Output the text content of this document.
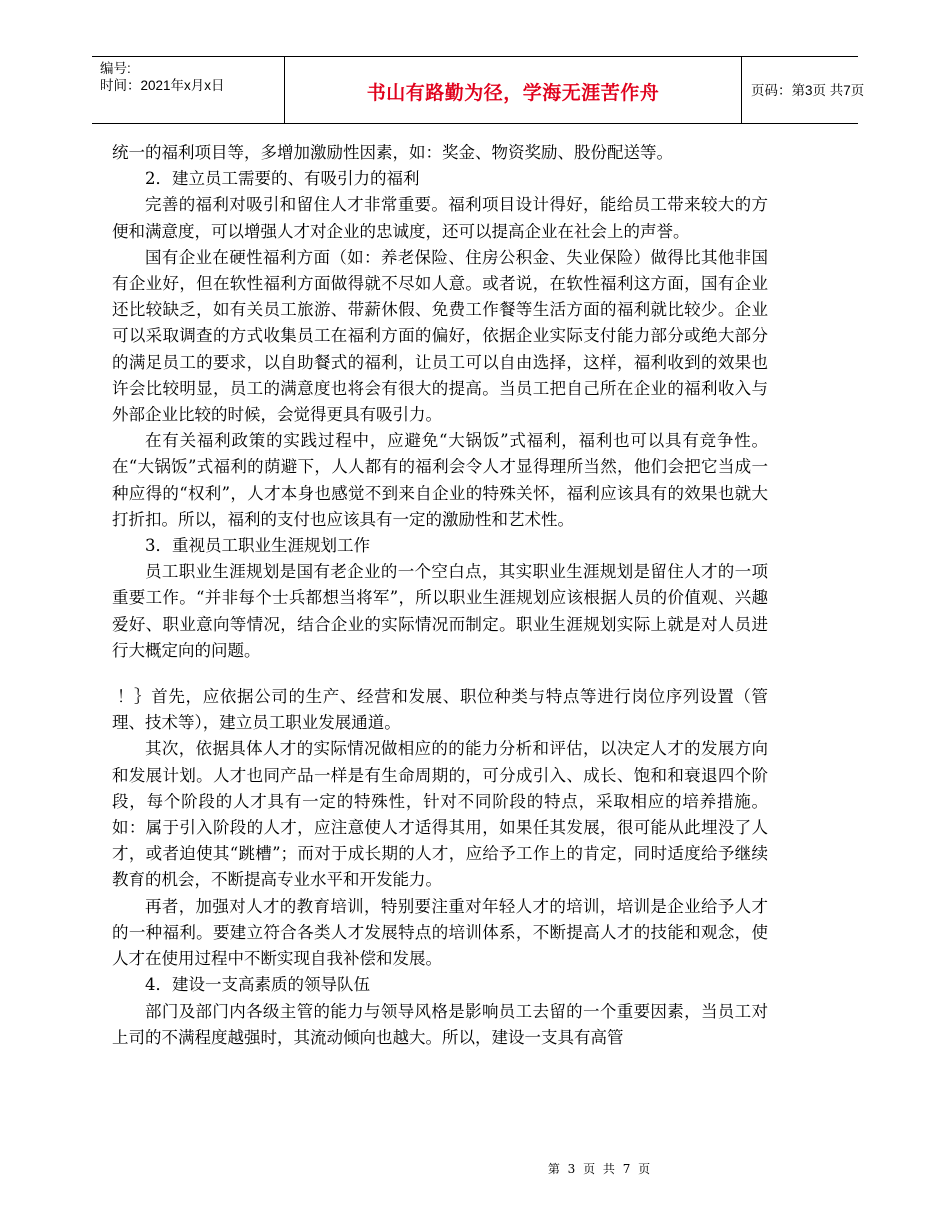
编号:
时间：2021年x月x日	书山有路勤为径，学海无涯苦作舟	页码：第3页 共7页

统一的福利项目等，多增加激励性因素，如：奖金、物资奖励、股份配送等。

2．建立员工需要的、有吸引力的福利

完善的福利对吸引和留住人才非常重要。福利项目设计得好，能给员工带来较大的方便和满意度，可以增强人才对企业的忠诚度，还可以提高企业在社会上的声誉。

国有企业在硬性福利方面（如：养老保险、住房公积金、失业保险）做得比其他非国有企业好，但在软性福利方面做得就不尽如人意。或者说，在软性福利这方面，国有企业还比较缺乏，如有关员工旅游、带薪休假、免费工作餐等生活方面的福利就比较少。企业可以采取调查的方式收集员工在福利方面的偏好，依据企业实际支付能力部分或绝大部分的满足员工的要求，以自助餐式的福利，让员工可以自由选择，这样，福利收到的效果也许会比较明显，员工的满意度也将会有很大的提高。当员工把自己所在企业的福利收入与外部企业比较的时候，会觉得更具有吸引力。

在有关福利政策的实践过程中，应避免“大锅饭”式福利，福利也可以具有竞争性。在“大锅饭”式福利的荫避下，人人都有的福利会令人才显得理所当然，他们会把它当成一种应得的“权利”，人才本身也感觉不到来自企业的特殊关怀，福利应该具有的效果也就大打折扣。所以，福利的支付也应该具有一定的激励性和艺术性。

3．重视员工职业生涯规划工作

员工职业生涯规划是国有老企业的一个空白点，其实职业生涯规划是留住人才的一项重要工作。“并非每个士兵都想当将军”，所以职业生涯规划应该根据人员的价值观、兴趣爱好、职业意向等情况，结合企业的实际情况而制定。职业生涯规划实际上就是对人员进行大概定向的问题。

！｝首先，应依据公司的生产、经营和发展、职位种类与特点等进行岗位序列设置（管理、技术等），建立员工职业发展通道。

其次，依据具体人才的实际情况做相应的的能力分析和评估，以决定人才的发展方向和发展计划。人才也同产品一样是有生命周期的，可分成引入、成长、饱和和衰退四个阶段，每个阶段的人才具有一定的特殊性，针对不同阶段的特点，采取相应的培养措施。如：属于引入阶段的人才，应注意使人才适得其用，如果任其发展，很可能从此埋没了人才，或者迫使其“跳槽”；而对于成长期的人才，应给予工作上的肯定，同时适度给予继续教育的机会，不断提高专业水平和开发能力。

再者，加强对人才的教育培训，特别要注重对年轻人才的培训，培训是企业给予人才的一种福利。要建立符合各类人才发展特点的培训体系，不断提高人才的技能和观念，使人才在使用过程中不断实现自我补偿和发展。

4．建设一支高素质的领导队伍

部门及部门内各级主管的能力与领导风格是影响员工去留的一个重要因素，当员工对上司的不满程度越强时，其流动倾向也越大。所以，建设一支具有高管

第 3 页 共 7 页
